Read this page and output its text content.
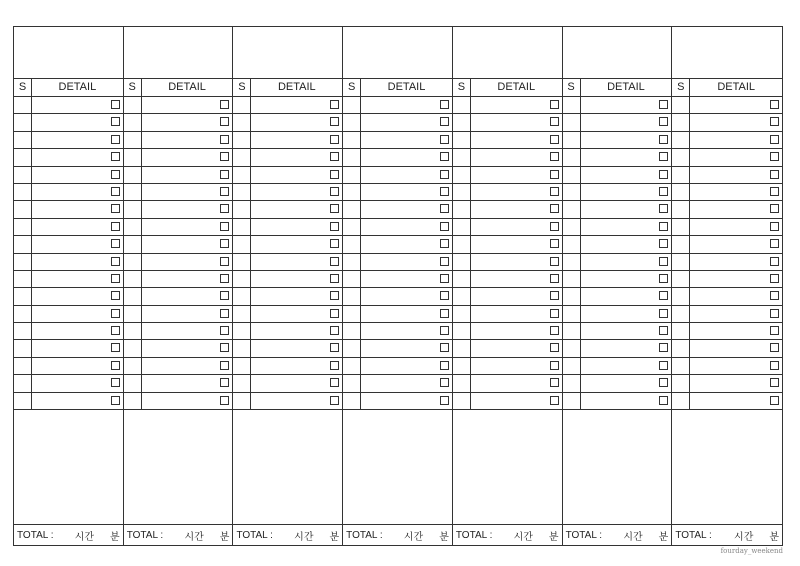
S	DETAIL
TOTAL : 시간 분
S	DETAIL
TOTAL : 시간 분
S	DETAIL
TOTAL : 시간 분
S	DETAIL
TOTAL : 시간 분
S	DETAIL
TOTAL : 시간 분
S	DETAIL
TOTAL : 시간 분
S	DETAIL
TOTAL : 시간 분
fourday_weekend
